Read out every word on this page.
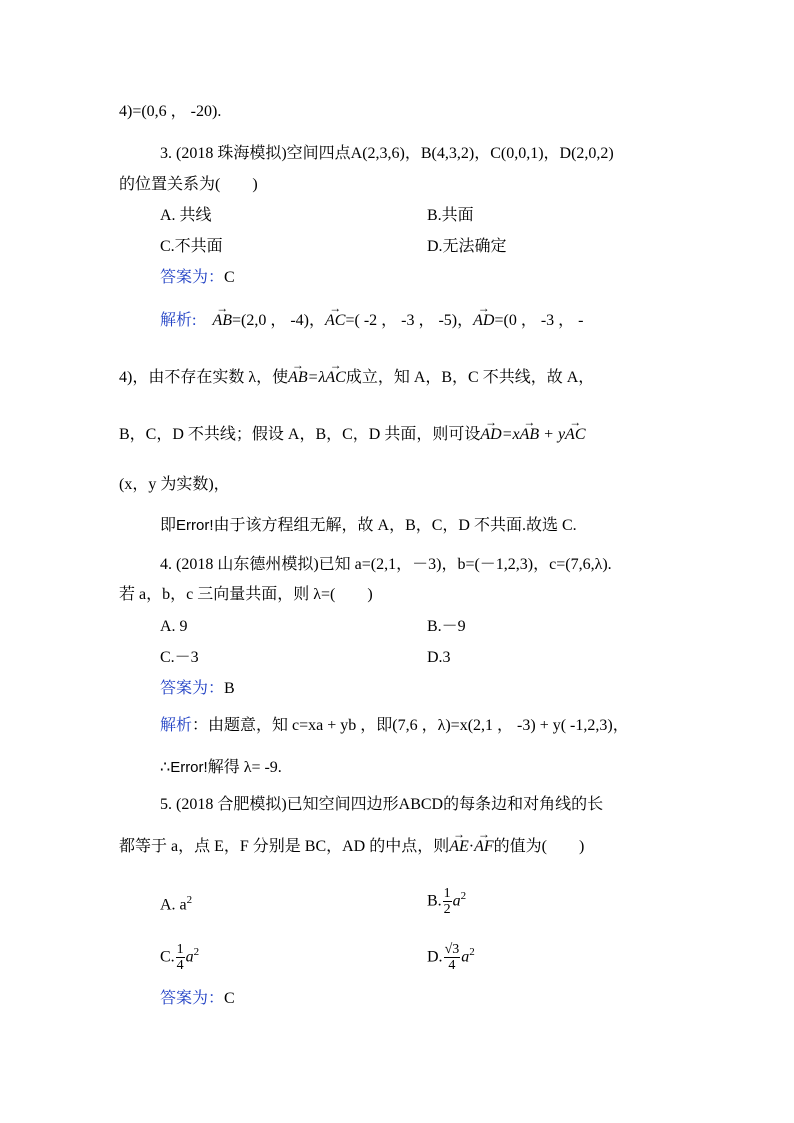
4)=(0,6 ， -20).
3. (2018 珠海模拟)空间四点A(2,3,6)，B(4,3,2)，C(0,0,1)，D(2,0,2)
的位置关系为(　　)
A. 共线	B.共面
C.不共面	D.无法确定
答案为：C
解析: → AB=(2,0 ， -4)，→ AC=( -2 ， -3 ， -5)，→ AD=(0 ， -3 ， -
4)，由不存在实数 λ，使→ AB=λ→ AC成立，知 A，B，C 不共线，故 A，
B，C，D 不共线；假设 A，B，C，D 共面，则可设→ AD=x→ AB + y→ AC
(x，y 为实数)，
即Error!由于该方程组无解，故 A，B，C，D 不共面.故选 C.
4. (2018 山东德州模拟)已知 a=(2,1，－3)，b=(－1,2,3)，c=(7,6,λ).
若 a，b，c 三向量共面，则 λ=(　　)
A. 9	B.－9
C.－3	D.3
答案为：B
解析：由题意，知 c=xa + yb ，即(7,6 ，λ)=x(2,1 ， -3) + y( -1,2,3)，
∴Error!解得 λ= -9.
5. (2018 合肥模拟)已知空间四边形ABCD的每条边和对角线的长
都等于 a，点 E，F 分别是 BC，AD 的中点，则→ AE·→ AF的值为(　　)
A. $a^2$	B. $\frac{1}{2} a^2$
C. $\frac{1}{4} a^2$	D. $\frac{√3}{4} a^2$
答案为：C
